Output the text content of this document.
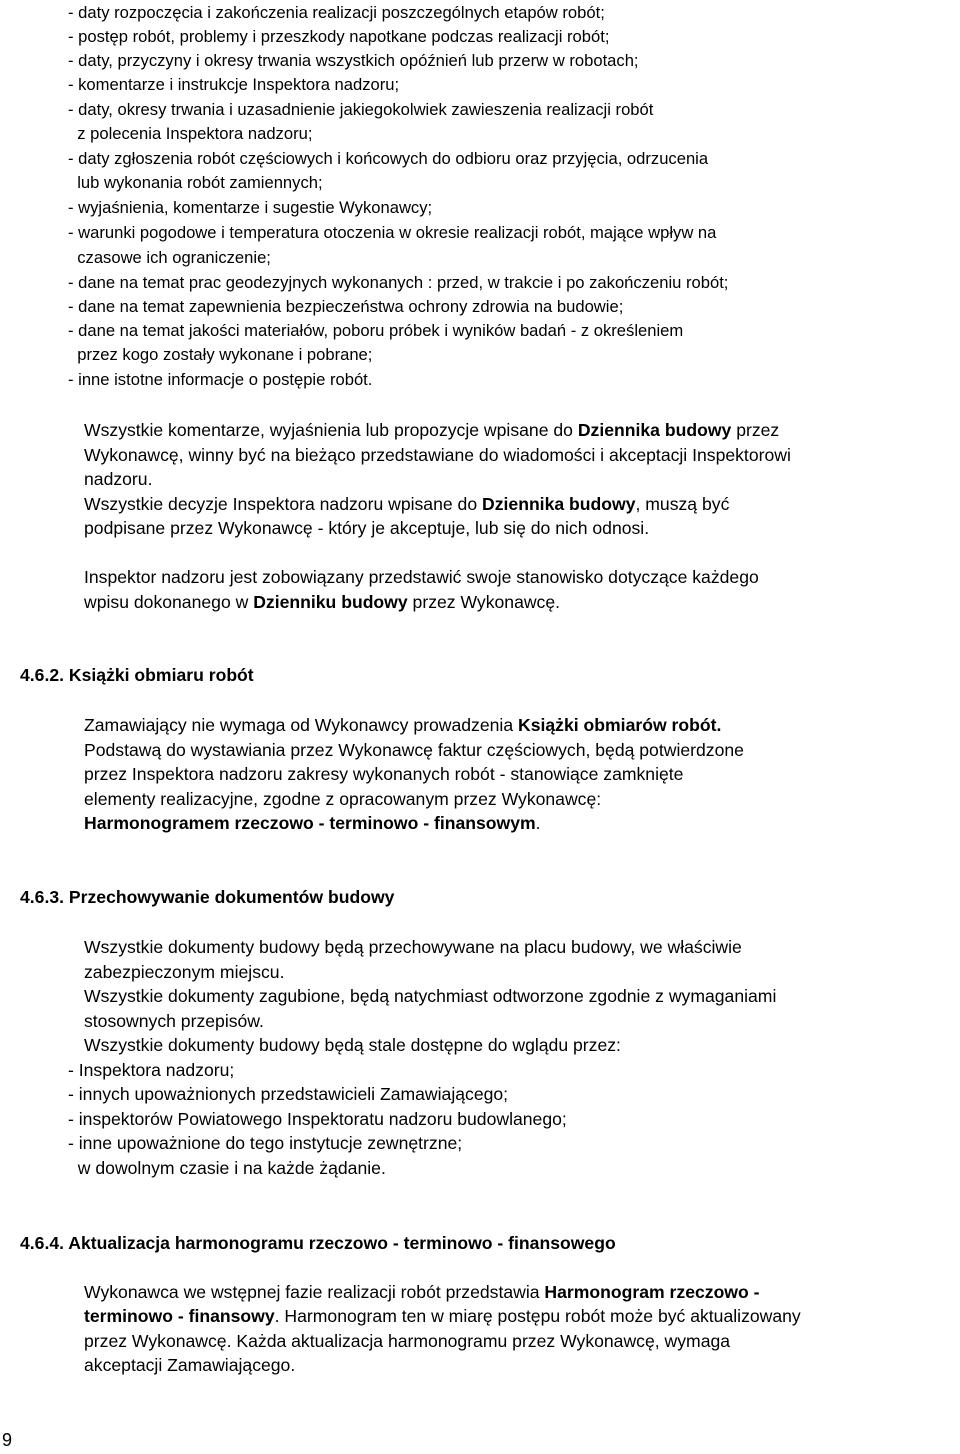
- daty rozpoczęcia i zakończenia realizacji poszczególnych etapów robót;
- postęp robót, problemy i przeszkody napotkane podczas realizacji robót;
- daty, przyczyny i okresy trwania wszystkich opóźnień lub przerw w robotach;
- komentarze i instrukcje Inspektora nadzoru;
- daty, okresy trwania i uzasadnienie jakiegokolwiek zawieszenia realizacji robót
z polecenia Inspektora nadzoru;
- daty zgłoszenia robót częściowych i końcowych do odbioru oraz przyjęcia, odrzucenia
lub wykonania robót zamiennych;
- wyjaśnienia, komentarze i sugestie Wykonawcy;
- warunki pogodowe i temperatura otoczenia w okresie realizacji robót, mające wpływ na
czasowe ich ograniczenie;
- dane na temat prac geodezyjnych wykonanych : przed, w trakcie i po zakończeniu robót;
- dane na temat zapewnienia bezpieczeństwa ochrony zdrowia na budowie;
- dane na temat jakości materiałów, poboru próbek i wyników badań - z określeniem
przez kogo zostały wykonane i pobrane;
- inne istotne informacje o postępie robót.
Wszystkie komentarze, wyjaśnienia lub propozycje wpisane do Dziennika budowy przez
Wykonawcę, winny być na bieżąco przedstawiane do wiadomości i akceptacji Inspektorowi
nadzoru.
Wszystkie decyzje Inspektora nadzoru wpisane do Dziennika budowy, muszą być
podpisane przez Wykonawcę - który je akceptuje, lub się do nich odnosi.
Inspektor nadzoru jest zobowiązany przedstawić swoje stanowisko dotyczące każdego
wpisu dokonanego w Dzienniku budowy przez Wykonawcę.
4.6.2. Książki obmiaru robót
Zamawiający nie wymaga od Wykonawcy prowadzenia Książki obmiarów robót.
Podstawą do wystawiania przez Wykonawcę faktur częściowych, będą potwierdzone
przez Inspektora nadzoru zakresy wykonanych robót - stanowiące zamknięte
elementy realizacyjne, zgodne z opracowanym przez Wykonawcę:
Harmonogramem rzeczowo - terminowo - finansowym.
4.6.3. Przechowywanie dokumentów budowy
Wszystkie dokumenty budowy będą przechowywane na placu budowy, we właściwie
zabezpieczonym miejscu.
Wszystkie dokumenty zagubione, będą natychmiast odtworzone zgodnie z wymaganiami
stosownych przepisów.
Wszystkie dokumenty budowy będą stale dostępne do wglądu przez:
- Inspektora nadzoru;
- innych upoważnionych przedstawicieli Zamawiającego;
- inspektorów Powiatowego Inspektoratu nadzoru budowlanego;
- inne upoważnione do tego instytucje zewnętrzne;
w dowolnym czasie i na każde żądanie.
4.6.4. Aktualizacja harmonogramu rzeczowo - terminowo - finansowego
Wykonawca we wstępnej fazie realizacji robót przedstawia Harmonogram rzeczowo -
terminowo - finansowy. Harmonogram ten w miarę postępu robót może być aktualizowany
przez Wykonawcę. Każda aktualizacja harmonogramu przez Wykonawcę, wymaga
akceptacji Zamawiającego.
9
